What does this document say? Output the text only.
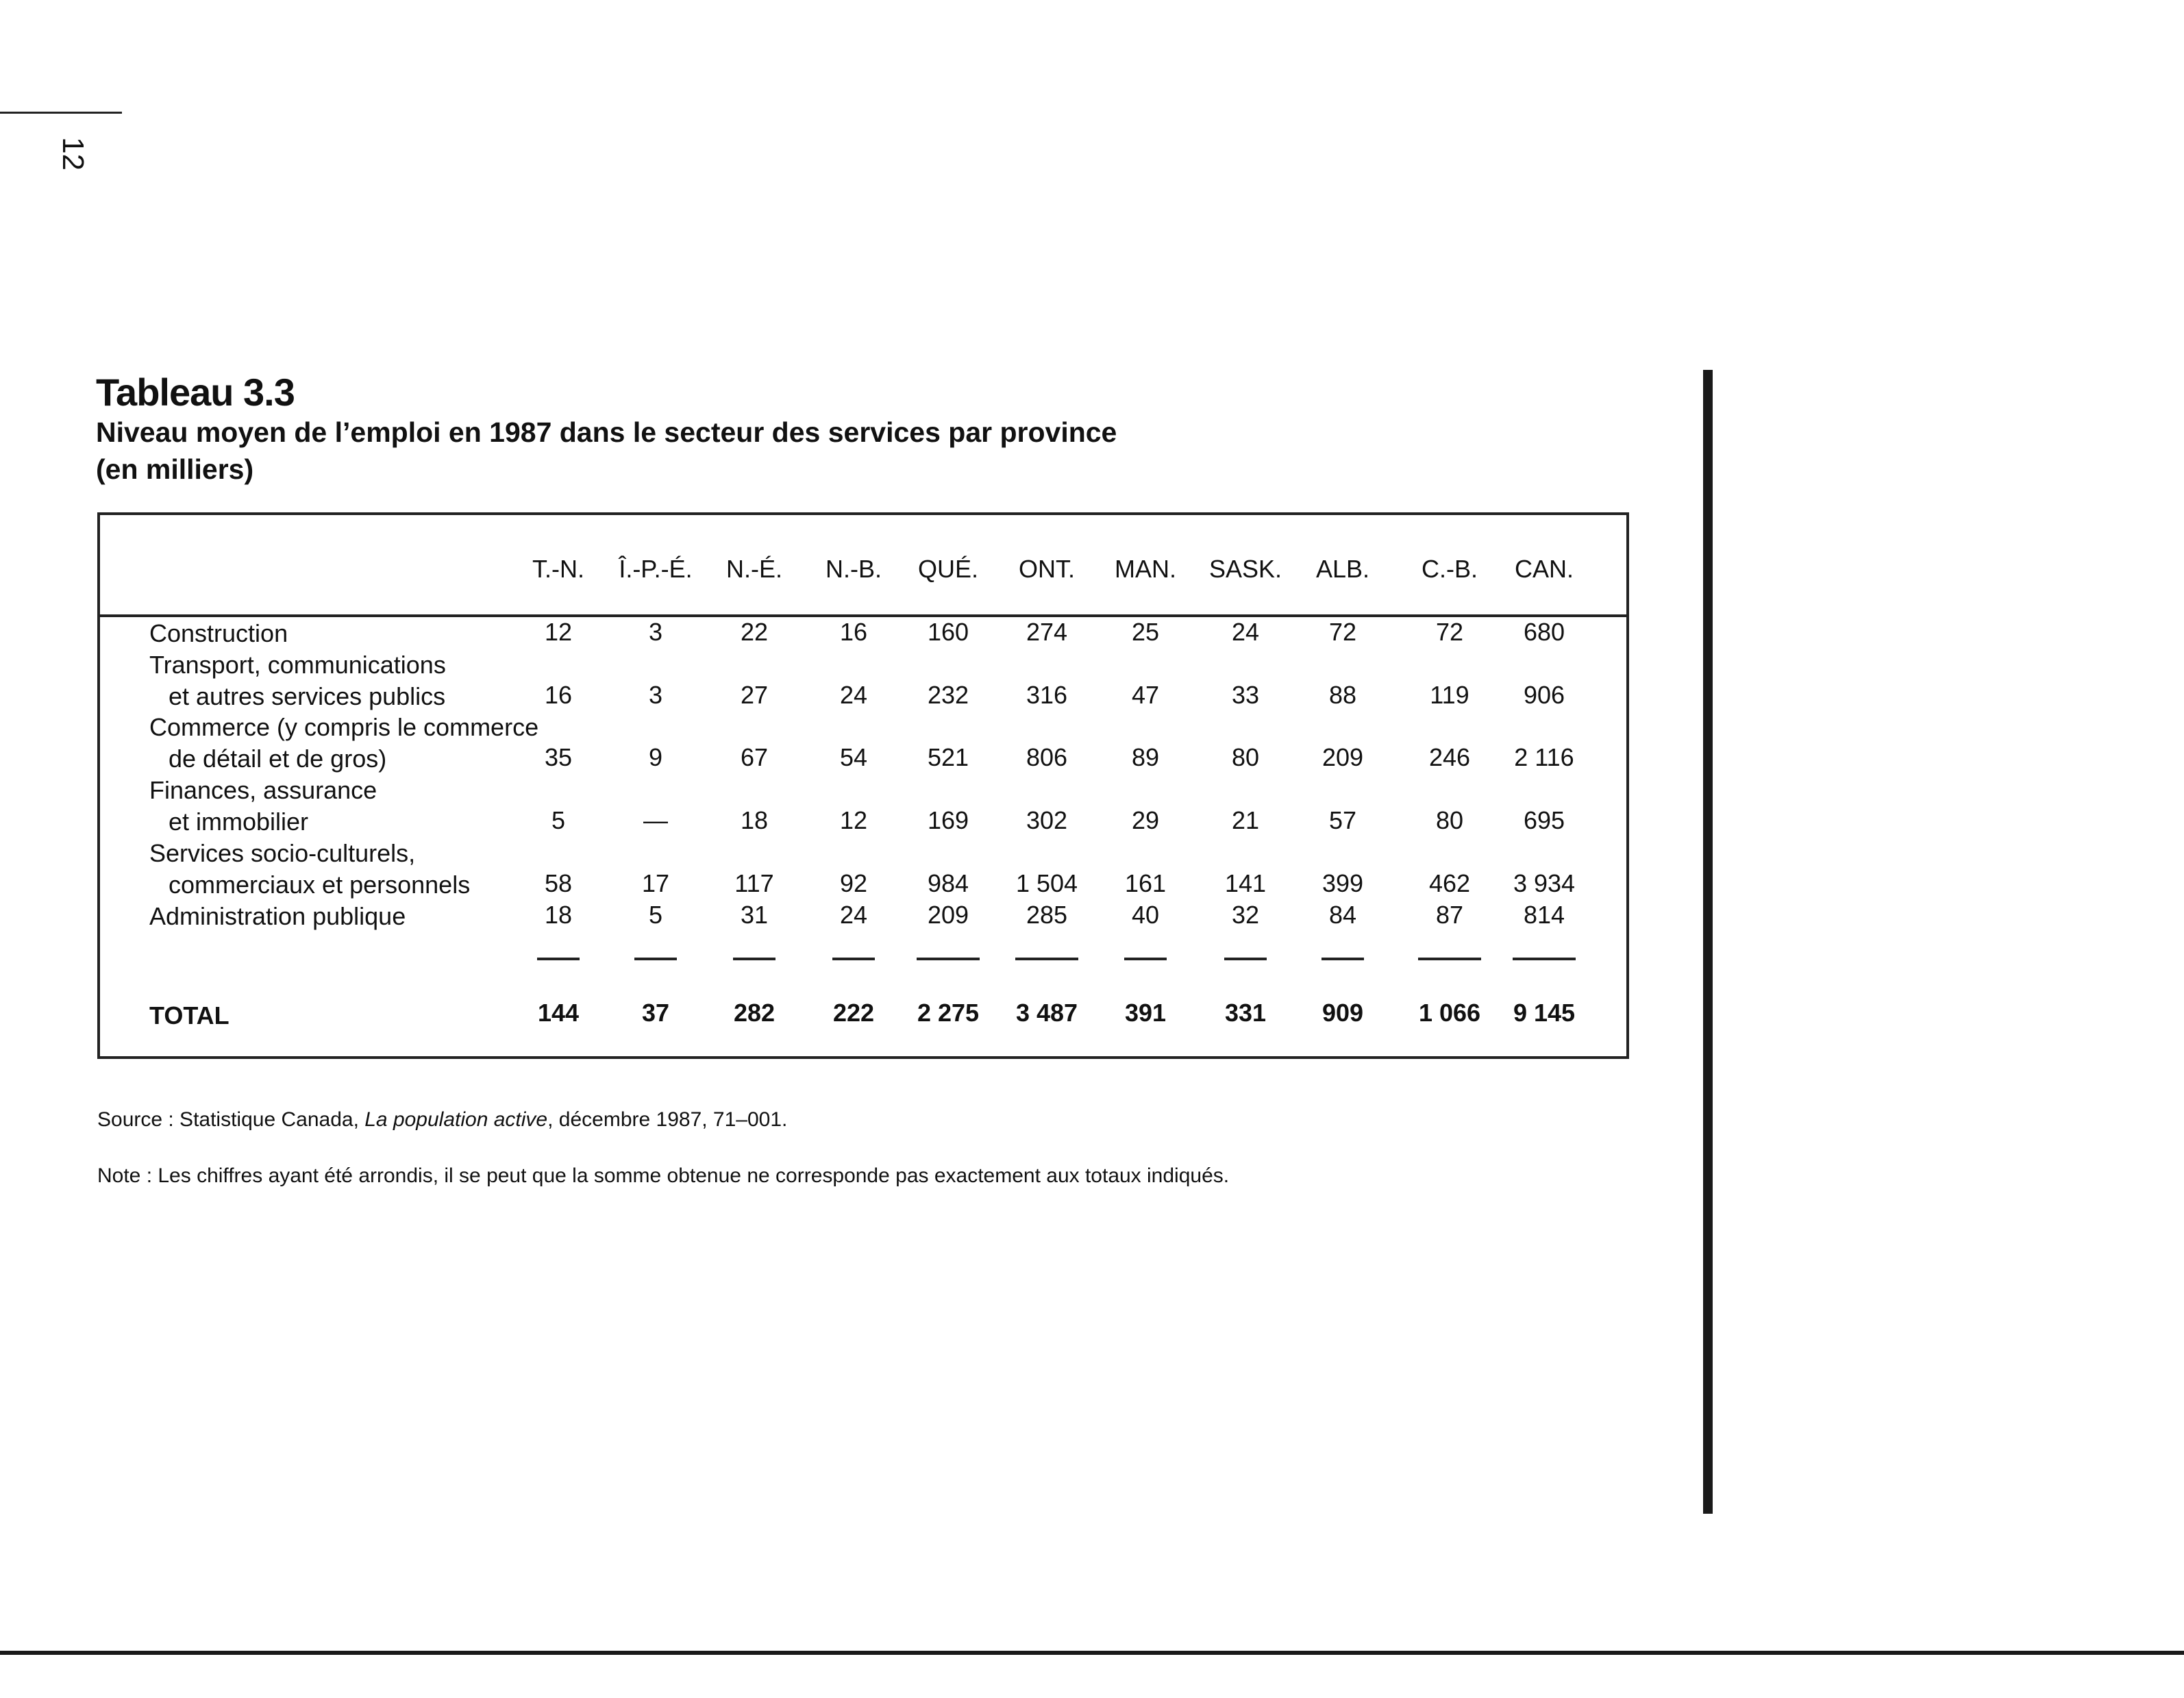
12
Tableau 3.3
Niveau moyen de l’emploi en 1987 dans le secteur des services par province
(en milliers)
T.-N.	Î.-P.-É.	N.-É.	N.-B.	QUÉ.	ONT.	MAN.	SASK.	ALB.	C.-B.	CAN.
Construction	12	3	22	16	160	274	25	24	72	72	680
Transport, communications
et autres services publics	16	3	27	24	232	316	47	33	88	119	906
Commerce (y compris le commerce
de détail et de gros)	35	9	67	54	521	806	89	80	209	246	2 116
Finances, assurance
et immobilier	5	—	18	12	169	302	29	21	57	80	695
Services socio-culturels,
commerciaux et personnels	58	17	117	92	984	1 504	161	141	399	462	3 934
Administration publique	18	5	31	24	209	285	40	32	84	87	814
TOTAL	144	37	282	222	2 275	3 487	391	331	909	1 066	9 145
Source : Statistique Canada, La population active, décembre 1987, 71–001.
Note : Les chiffres ayant été arrondis, il se peut que la somme obtenue ne corresponde pas exactement aux totaux indiqués.
